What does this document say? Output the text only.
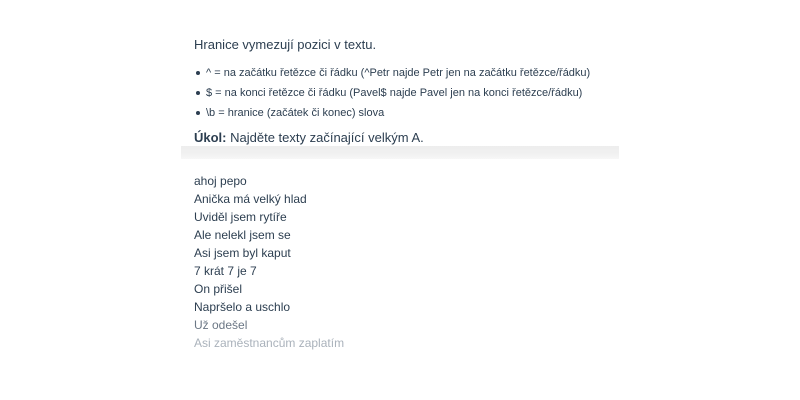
Hranice vymezují pozici v textu.

^ = na začátku řetězce či řádku (^Petr najde Petr jen na začátku řetězce/řádku)
$ = na konci řetězce či řádku (Pavel$ najde Pavel jen na konci řetězce/řádku)
\b = hranice (začátek či konec) slova

Úkol: Najděte texty začínající velkým A.

ahoj pepo
Anička má velký hlad
Uviděl jsem rytíře
Ale nelekl jsem se
Asi jsem byl kaput
7 krát 7 je 7
On přišel
Napršelo a uschlo
Už odešel
Asi zaměstnancům zaplatím
